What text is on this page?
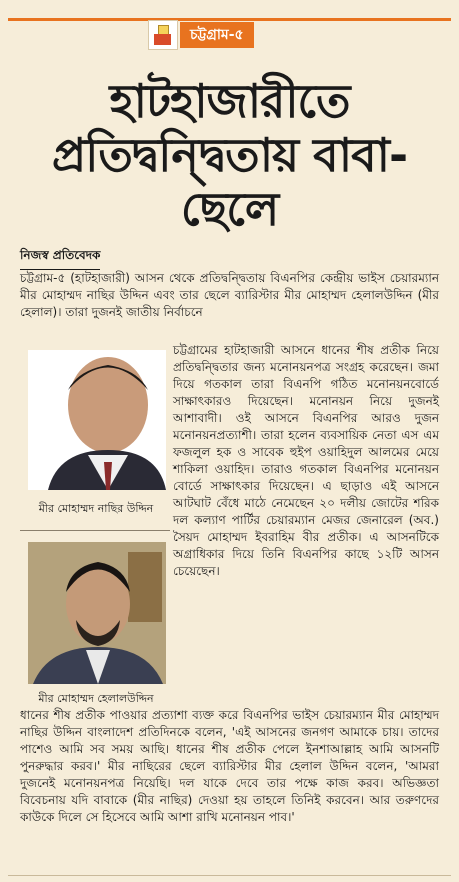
চট্টগ্রাম-৫
হাটহাজারীতে প্রতিদ্বন্দ্বিতায় বাবা-ছেলে
নিজস্ব প্রতিবেদক

চট্টগ্রাম-৫ (হাটহাজারী) আসন থেকে প্রতিদ্বন্দ্বিতায় বিএনপির কেন্দ্রীয় ভাইস চেয়ারম্যান মীর মোহাম্মদ নাছির উদ্দিন এবং তার ছেলে ব্যারিস্টার মীর মোহাম্মদ হেলালউদ্দিন (মীর হেলাল)। তারা দুজনই জাতীয় নির্বাচনে

মীর মোহাম্মদ নাছির উদ্দিন
মীর মোহাম্মদ হেলালউদ্দিন

চট্টগ্রামের হাটহাজারী আসনে ধানের শীষ প্রতীক নিয়ে প্রতিদ্বন্দ্বিতার জন্য মনোনয়নপত্র সংগ্রহ করেছেন। জমা দিয়ে গতকাল তারা বিএনপি গঠিত মনোনয়নবোর্ডে সাক্ষাৎকারও দিয়েছেন। মনোনয়ন নিয়ে দুজনই আশাবাদী। ওই আসনে বিএনপির আরও দুজন মনোনয়নপ্রত্যাশী। তারা হলেন ব্যবসায়িক নেতা এস এম ফজলুল হক ও সাবেক হুইপ ওয়াহিদুল আলমের মেয়ে শাকিলা ওয়াহিদ। তারাও গতকাল বিএনপির মনোনয়ন বোর্ডে সাক্ষাৎকার দিয়েছেন। এ ছাড়াও এই আসনে আটঘাট বেঁধে মাঠে নেমেছেন ২০ দলীয় জোটের শরিক দল কল্যাণ পার্টির চেয়ারম্যান মেজর জেনারেল (অব.) সৈয়দ মোহাম্মদ ইবরাহিম বীর প্রতীক। এ আসনটিকে অগ্রাধিকার দিয়ে তিনি বিএনপির কাছে ১২টি আসন চেয়েছেন।

ধানের শীষ প্রতীক পাওয়ার প্রত্যাশা ব্যক্ত করে বিএনপির ভাইস চেয়ারম্যান মীর মোহাম্মদ নাছির উদ্দিন বাংলাদেশ প্রতিদিনকে বলেন, 'এই আসনের জনগণ আমাকে চায়। তাদের পাশেও আমি সব সময় আছি। ধানের শীষ প্রতীক পেলে ইনশাআল্লাহ আমি আসনটি পুনরুদ্ধার করব।' মীর নাছিরের ছেলে ব্যারিস্টার মীর হেলাল উদ্দিন বলেন, 'আমরা দুজনেই মনোনয়নপত্র নিয়েছি। দল যাকে দেবে তার পক্ষে কাজ করব। অভিজ্ঞতা বিবেচনায় যদি বাবাকে (মীর নাছির) দেওয়া হয় তাহলে তিনিই করবেন। আর তরুণদের কাউকে দিলে সে হিসেবে আমি আশা রাখি মনোনয়ন পাব।'
